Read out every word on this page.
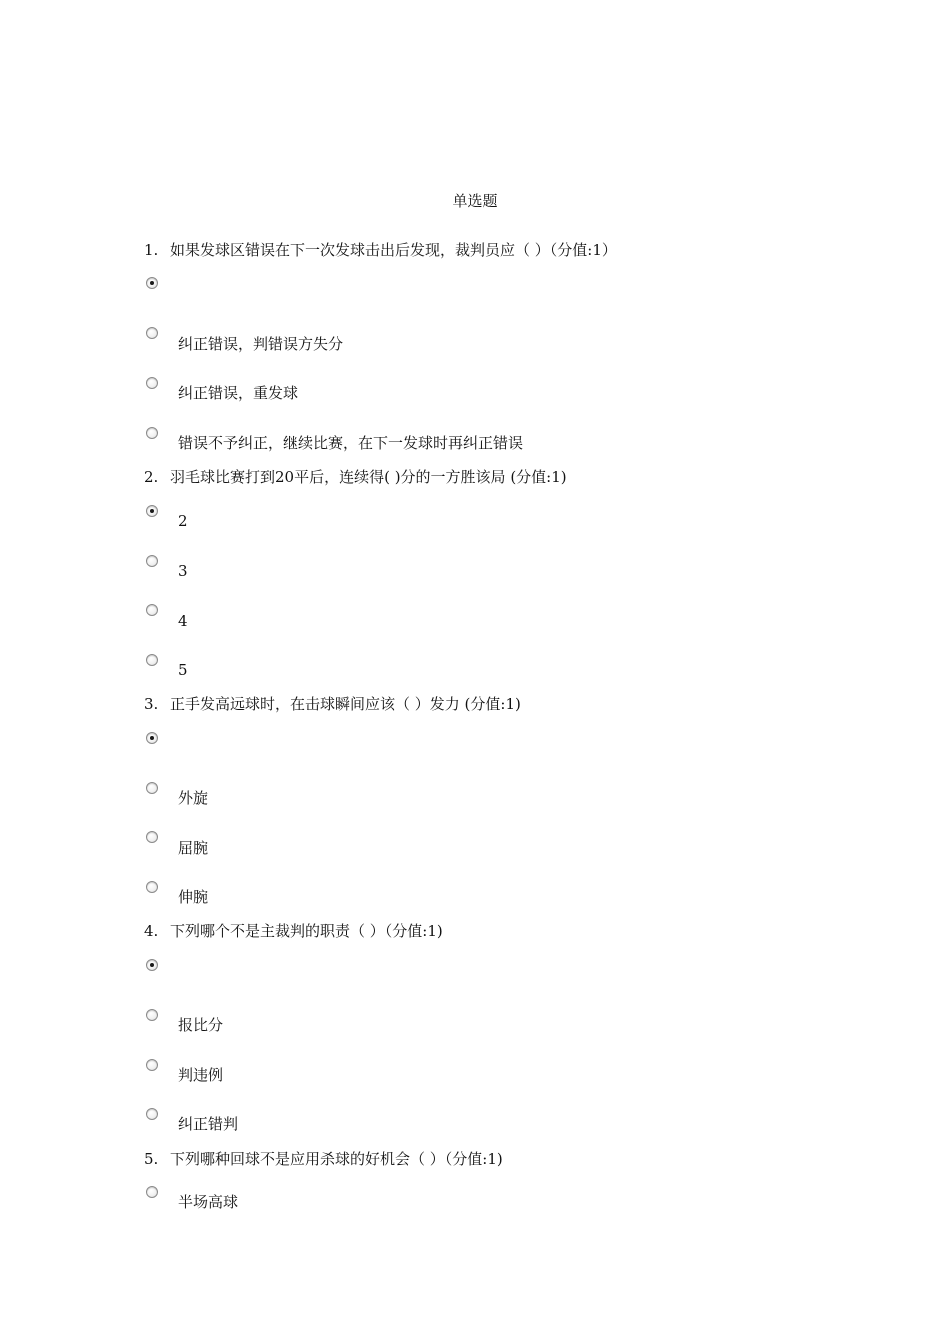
单选题
1. 如果发球区错误在下一次发球击出后发现，裁判员应（ ）（分值:1）
纠正错误，判错误方失分
纠正错误，重发球
错误不予纠正，继续比赛，在下一发球时再纠正错误
2. 羽毛球比赛打到20平后，连续得( )分的一方胜该局 (分值:1)
2
3
4
5
3. 正手发高远球时，在击球瞬间应该（ ）发力 (分值:1)
外旋
屈腕
伸腕
4. 下列哪个不是主裁判的职责（ ）（分值:1)
报比分
判违例
纠正错判
5. 下列哪种回球不是应用杀球的好机会（ ）（分值:1)
半场高球
